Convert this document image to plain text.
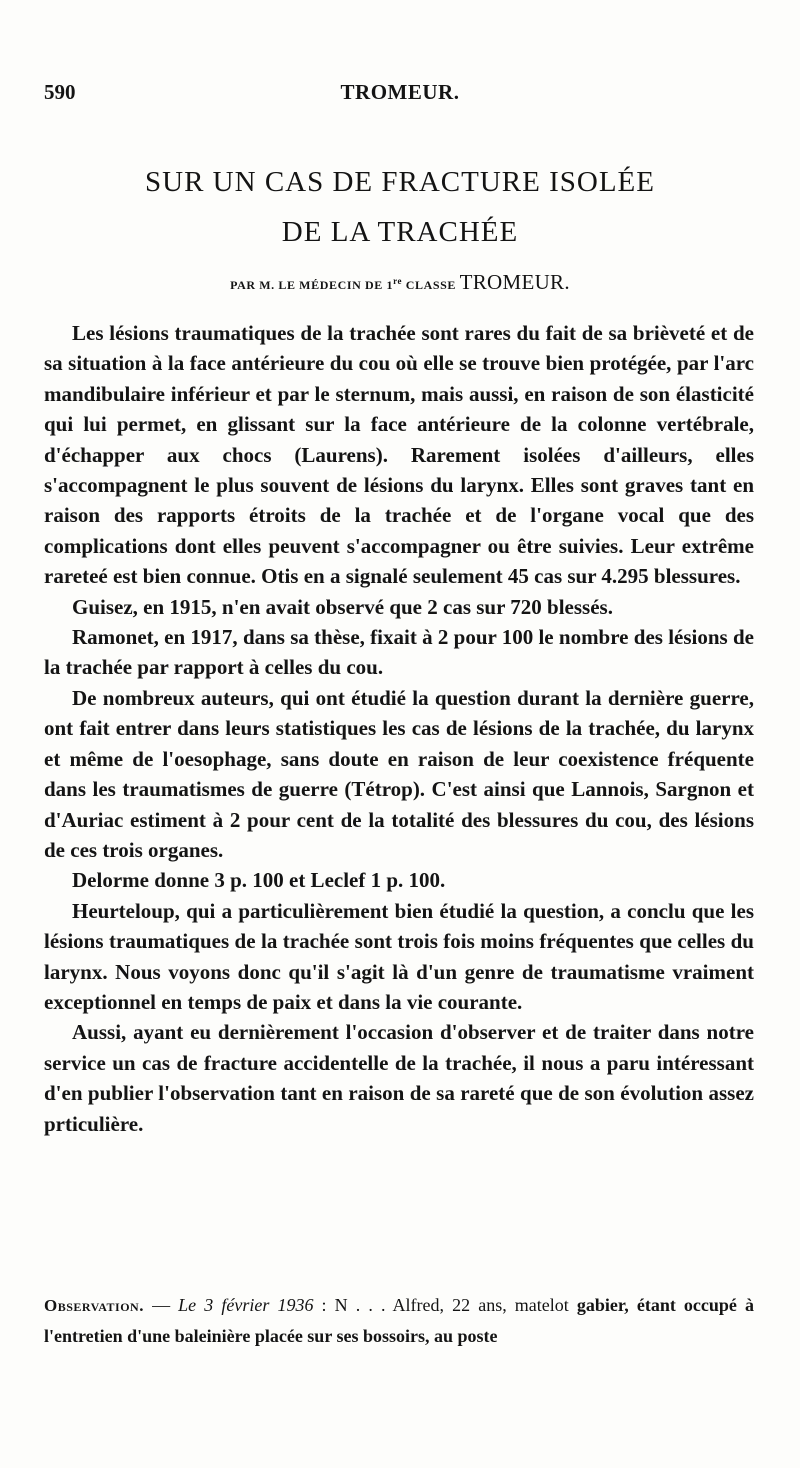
590	TROMEUR.
SUR UN CAS DE FRACTURE ISOLÉE
DE LA TRACHÉE
PAR M. LE MÉDECIN DE 1re CLASSE TROMEUR.

Les lésions traumatiques de la trachée sont rares du fait de sa brièveté et de sa situation à la face antérieure du cou où elle se trouve bien protégée, par l'arc mandibulaire inférieur et par le sternum, mais aussi, en raison de son élasticité qui lui permet, en glissant sur la face antérieure de la colonne vertébrale, d'échapper aux chocs (Laurens). Rarement isolées d'ailleurs, elles s'accompagnent le plus souvent de lésions du larynx. Elles sont graves tant en raison des rapports étroits de la trachée et de l'organe vocal que des complications dont elles peuvent s'accompagner ou être suivies. Leur extrême rareteé est bien connue. Otis en a signalé seulement 45 cas sur 4.295 blessures.

Guisez, en 1915, n'en avait observé que 2 cas sur 720 blessés.

Ramonet, en 1917, dans sa thèse, fixait à 2 pour 100 le nombre des lésions de la trachée par rapport à celles du cou.

De nombreux auteurs, qui ont étudié la question durant la dernière guerre, ont fait entrer dans leurs statistiques les cas de lésions de la trachée, du larynx et même de l'oesophage, sans doute en raison de leur coexistence fréquente dans les traumatismes de guerre (Tétrop). C'est ainsi que Lannois, Sargnon et d'Auriac estiment à 2 pour cent de la totalité des blessures du cou, des lésions de ces trois organes.

Delorme donne 3 p. 100 et Leclef 1 p. 100.

Heurteloup, qui a particulièrement bien étudié la question, a conclu que les lésions traumatiques de la trachée sont trois fois moins fréquentes que celles du larynx. Nous voyons donc qu'il s'agit là d'un genre de traumatisme vraiment exceptionnel en temps de paix et dans la vie courante.

Aussi, ayant eu dernièrement l'occasion d'observer et de traiter dans notre service un cas de fracture accidentelle de la trachée, il nous a paru intéressant d'en publier l'observation tant en raison de sa rareté que de son évolution assez prticulière.

Observation. — Le 3 février 1936 : N . . . Alfred, 22 ans, matelot gabier, étant occupé à l'entretien d'une baleinière placée sur ses bossoirs, au poste
